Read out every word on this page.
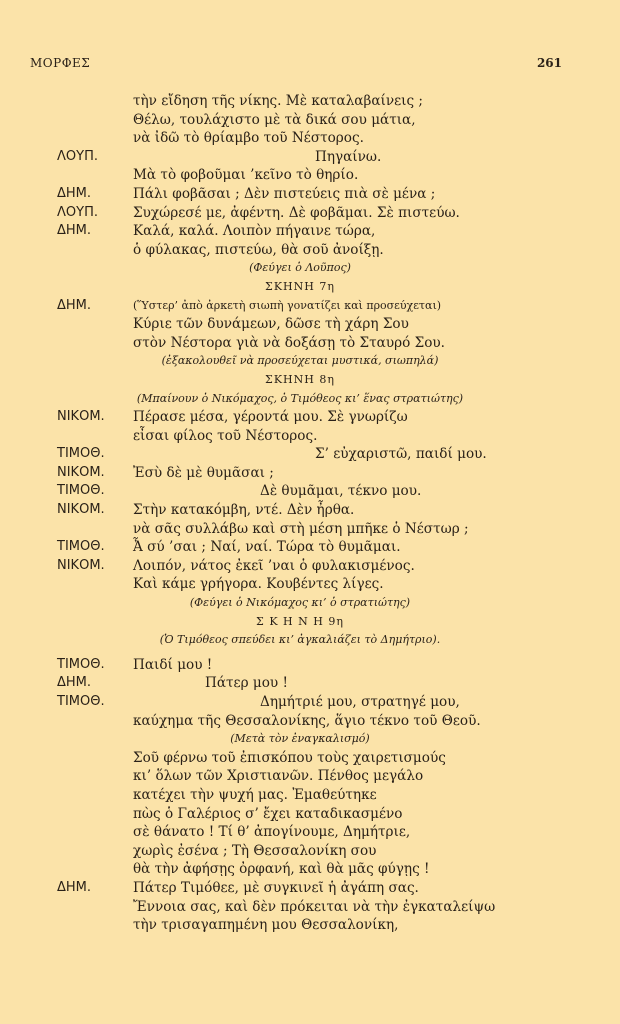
ΜΟΡΦΕΣ	261
τὴν εἴδηση τῆς νίκης. Μὲ καταλαβαίνεις ;
Θέλω, τουλάχιστο μὲ τὰ δικά σου μάτια,
νὰ ἰδῶ τὸ θρίαμβο τοῦ Νέστορος.
ΛΟΥΠ.	Πηγαίνω.
Μὰ τὸ φοβοῦμαι ’κεῖνο τὸ θηρίο.
ΔΗΜ.	Πάλι φοβᾶσαι ; Δὲν πιστεύεις πιὰ σὲ μένα ;
ΛΟΥΠ.	Συχώρεσέ με, ἀφέντη. Δὲ φοβᾶμαι. Σὲ πιστεύω.
ΔΗΜ.	Καλά, καλά. Λοιπὸν πήγαινε τώρα,
ὁ φύλακας, πιστεύω, θὰ σοῦ ἀνοίξῃ.
(Φεύγει ὁ Λοῦπος)
ΣΚΗΝΗ 7η
ΔΗΜ.	(Ὕστερ’ ἀπὸ ἀρκετὴ σιωπὴ γονατίζει καὶ προσεύχεται)
Κύριε τῶν δυνάμεων, δῶσε τὴ χάρη Σου
στὸν Νέστορα γιὰ νὰ δοξάσῃ τὸ Σταυρό Σου.
(ἐξακολουθεῖ νὰ προσεύχεται μυστικά, σιωπηλά)
ΣΚΗΝΗ 8η
(Μπαίνουν ὁ Νικόμαχος, ὁ Τιμόθεος κι’ ἕνας στρατιώτης)
ΝΙΚΟΜ. Πέρασε μέσα, γέροντά μου. Σὲ γνωρίζω
εἶσαι φίλος τοῦ Νέστορος.
ΤΙΜΟΘ.	Σ’ εὐχαριστῶ, παιδί μου.
ΝΙΚΟΜ. Ἐσὺ δὲ μὲ θυμᾶσαι ;
ΤΙΜΟΘ.	Δὲ θυμᾶμαι, τέκνο μου.
ΝΙΚΟΜ. Στὴν κατακόμβη, ντέ. Δὲν ἦρθα.
νὰ σᾶς συλλάβω καὶ στὴ μέση μπῆκε ὁ Νέστωρ ;
ΤΙΜΟΘ. Ἆ σύ ’σαι ; Ναί, ναί. Τώρα τὸ θυμᾶμαι.
ΝΙΚΟΜ. Λοιπόν, νάτος ἐκεῖ ’ναι ὁ φυλακισμένος.
Καὶ κάμε γρήγορα. Κουβέντες λίγες.
(Φεύγει ὁ Νικόμαχος κι’ ὁ στρατιώτης)
Σ Κ Η Ν Η 9η
(Ὁ Τιμόθεος σπεύδει κι’ ἀγκαλιάζει τὸ Δημήτριο).
ΤΙΜΟΘ. Παιδί μου !
ΔΗΜ.	Πάτερ μου !
ΤΙΜΟΘ.	Δημήτριέ μου, στρατηγέ μου,
καύχημα τῆς Θεσσαλονίκης, ἅγιο τέκνο τοῦ Θεοῦ.
(Μετὰ τὸν ἐναγκαλισμό)
Σοῦ φέρνω τοῦ ἐπισκόπου τοὺς χαιρετισμούς
κι’ ὅλων τῶν Χριστιανῶν. Πένθος μεγάλο
κατέχει τὴν ψυχή μας. Ἐμαθεύτηκε
πὼς ὁ Γαλέριος σ’ ἔχει καταδικασμένο
σὲ θάνατο ! Τί θ’ ἀπογίνουμε, Δημήτριε,
χωρὶς ἐσένα ; Τὴ Θεσσαλονίκη σου
θὰ τὴν ἀφήσῃς ὀρφανή, καὶ θὰ μᾶς φύγῃς !
ΔΗΜ.	Πάτερ Τιμόθεε, μὲ συγκινεῖ ἡ ἀγάπη σας.
Ἔννοια σας, καὶ δὲν πρόκειται νὰ τὴν ἐγκαταλείψω
τὴν τρισαγαπημένη μου Θεσσαλονίκη,
